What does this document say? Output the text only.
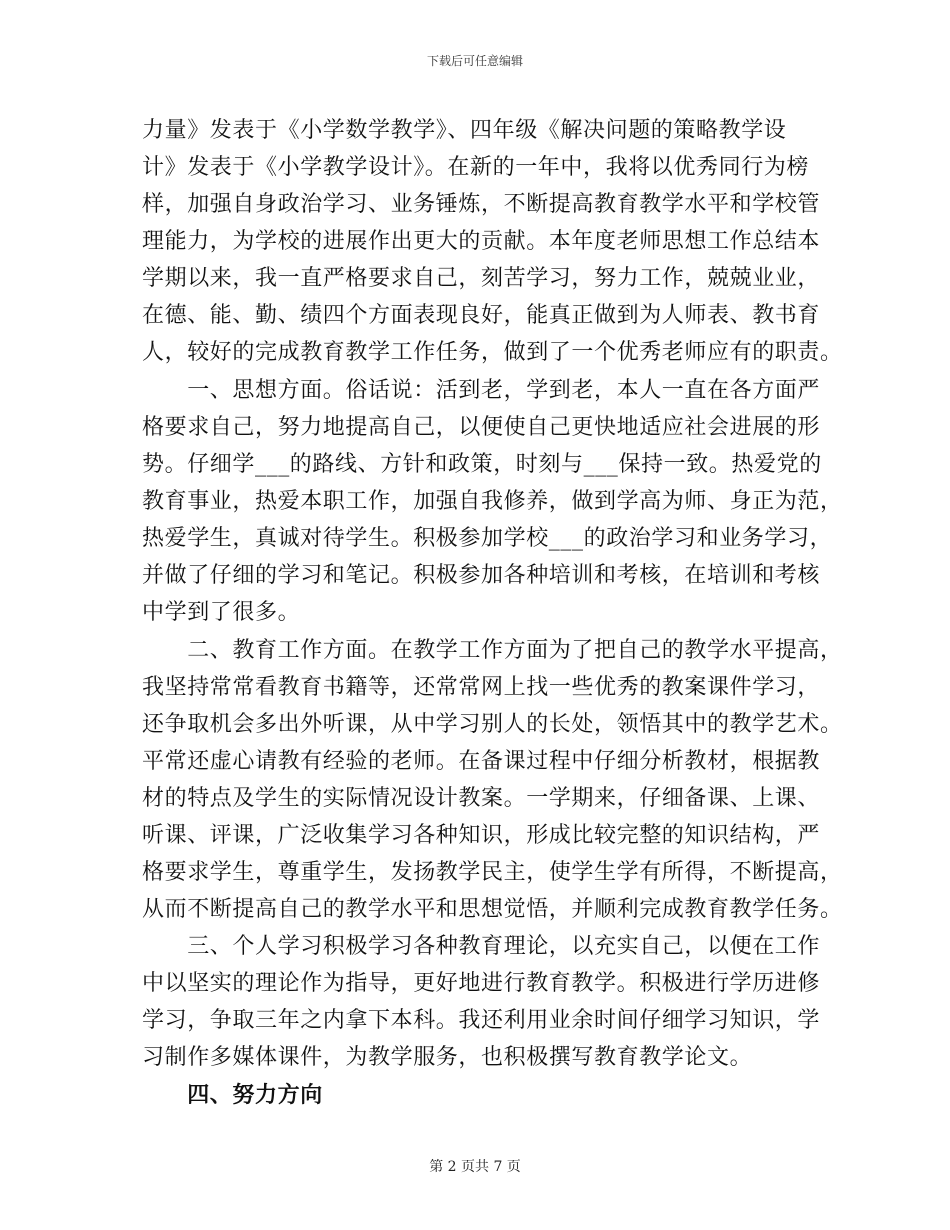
下载后可任意编辑
力量》发表于《小学数学教学》、四年级《解决问题的策略教学设
计》发表于《小学教学设计》。在新的一年中，我将以优秀同行为榜
样，加强自身政治学习、业务锤炼，不断提高教育教学水平和学校管
理能力，为学校的进展作出更大的贡献。本年度老师思想工作总结本
学期以来，我一直严格要求自己，刻苦学习，努力工作，兢兢业业，
在德、能、勤、绩四个方面表现良好，能真正做到为人师表、教书育
人，较好的完成教育教学工作任务，做到了一个优秀老师应有的职责。
　　一、思想方面。俗话说：活到老，学到老，本人一直在各方面严
格要求自己，努力地提高自己，以便使自己更快地适应社会进展的形
势。仔细学___的路线、方针和政策，时刻与___保持一致。热爱党的
教育事业，热爱本职工作，加强自我修养，做到学高为师、身正为范，
热爱学生，真诚对待学生。积极参加学校___的政治学习和业务学习，
并做了仔细的学习和笔记。积极参加各种培训和考核，在培训和考核
中学到了很多。
　　二、教育工作方面。在教学工作方面为了把自己的教学水平提高，
我坚持常常看教育书籍等，还常常网上找一些优秀的教案课件学习，
还争取机会多出外听课，从中学习别人的长处，领悟其中的教学艺术。
平常还虚心请教有经验的老师。在备课过程中仔细分析教材，根据教
材的特点及学生的实际情况设计教案。一学期来，仔细备课、上课、
听课、评课，广泛收集学习各种知识，形成比较完整的知识结构，严
格要求学生，尊重学生，发扬教学民主，使学生学有所得，不断提高，
从而不断提高自己的教学水平和思想觉悟，并顺利完成教育教学任务。
　　三、个人学习积极学习各种教育理论，以充实自己，以便在工作
中以坚实的理论作为指导，更好地进行教育教学。积极进行学历进修
学习，争取三年之内拿下本科。我还利用业余时间仔细学习知识，学
习制作多媒体课件，为教学服务，也积极撰写教育教学论文。
　　四、努力方向
第 2 页共 7 页
